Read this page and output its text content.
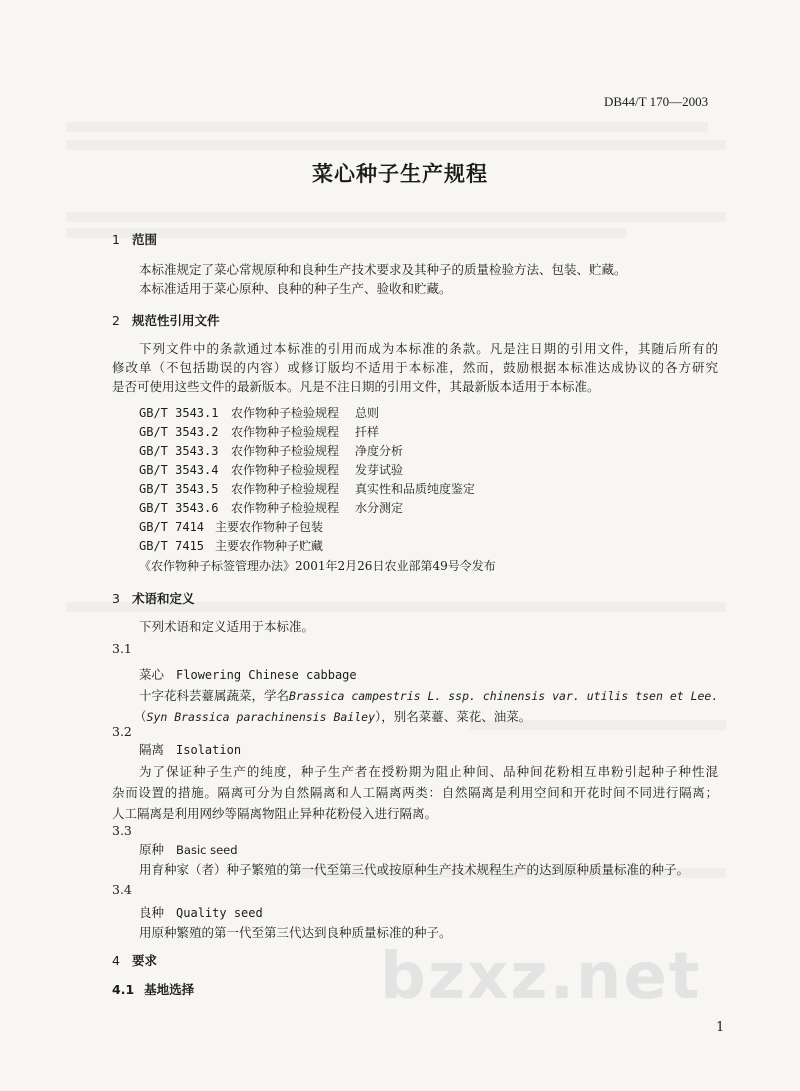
DB44/T 170—2003
菜心种子生产规程
1 范围
本标准规定了菜心常规原种和良种生产技术要求及其种子的质量检验方法、包装、贮藏。
本标准适用于菜心原种、良种的种子生产、验收和贮藏。
2 规范性引用文件
下列文件中的条款通过本标准的引用而成为本标准的条款。凡是注日期的引用文件，其随后所有的
修改单（不包括勘误的内容）或修订版均不适用于本标准，然而，鼓励根据本标准达成协议的各方研究
是否可使用这些文件的最新版本。凡是不注日期的引用文件，其最新版本适用于本标准。
GB/T 3543.1 农作物种子检验规程 总则
GB/T 3543.2 农作物种子检验规程 扦样
GB/T 3543.3 农作物种子检验规程 净度分析
GB/T 3543.4 农作物种子检验规程 发芽试验
GB/T 3543.5 农作物种子检验规程 真实性和品质纯度鉴定
GB/T 3543.6 农作物种子检验规程 水分测定
GB/T 7414 主要农作物种子包装
GB/T 7415 主要农作物种子贮藏
《农作物种子标签管理办法》2001年2月26日农业部第49号令发布
3 术语和定义
下列术语和定义适用于本标准。
3.1
菜心 Flowering Chinese cabbage
十字花科芸薹属蔬菜，学名Brassica campestris L. ssp. chinensis var. utilis tsen et Lee.
（Syn Brassica parachinensis Bailey），别名菜薹、菜花、油菜。
3.2
隔离 Isolation
为了保证种子生产的纯度，种子生产者在授粉期为阻止种间、品种间花粉相互串粉引起种子种性混
杂而设置的措施。隔离可分为自然隔离和人工隔离两类：自然隔离是利用空间和开花时间不同进行隔离；
人工隔离是利用网纱等隔离物阻止异种花粉侵入进行隔离。
3.3
原种 Basic seed
用育种家（者）种子繁殖的第一代至第三代或按原种生产技术规程生产的达到原种质量标准的种子。
3.4
良种 Quality seed
用原种繁殖的第一代至第三代达到良种质量标准的种子。
4 要求
4.1 基地选择	bzxz.net
1
